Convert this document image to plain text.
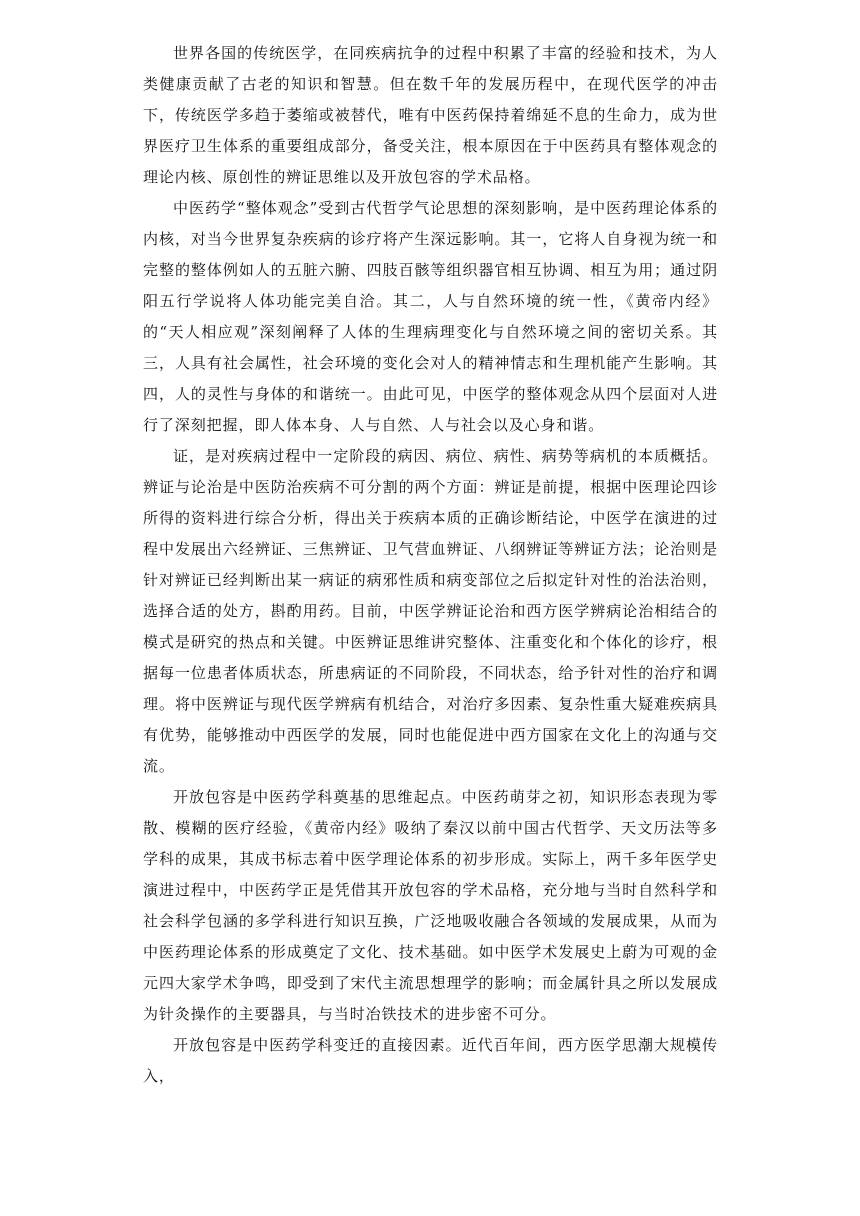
世界各国的传统医学，在同疾病抗争的过程中积累了丰富的经验和技术，为人类健康贡献了古老的知识和智慧。但在数千年的发展历程中，在现代医学的冲击下，传统医学多趋于萎缩或被替代，唯有中医药保持着绵延不息的生命力，成为世界医疗卫生体系的重要组成部分，备受关注，根本原因在于中医药具有整体观念的理论内核、原创性的辨证思维以及开放包容的学术品格。

中医药学“整体观念”受到古代哲学气论思想的深刻影响，是中医药理论体系的内核，对当今世界复杂疾病的诊疗将产生深远影响。其一，它将人自身视为统一和完整的整体例如人的五脏六腑、四肢百骸等组织器官相互协调、相互为用；通过阴阳五行学说将人体功能完美自洽。其二，人与自然环境的统一性，《黄帝内经》的“天人相应观”深刻阐释了人体的生理病理变化与自然环境之间的密切关系。其三，人具有社会属性，社会环境的变化会对人的精神情志和生理机能产生影响。其四，人的灵性与身体的和谐统一。由此可见，中医学的整体观念从四个层面对人进行了深刻把握，即人体本身、人与自然、人与社会以及心身和谐。

证，是对疾病过程中一定阶段的病因、病位、病性、病势等病机的本质概括。辨证与论治是中医防治疾病不可分割的两个方面：辨证是前提，根据中医理论四诊所得的资料进行综合分析，得出关于疾病本质的正确诊断结论，中医学在演进的过程中发展出六经辨证、三焦辨证、卫气营血辨证、八纲辨证等辨证方法；论治则是针对辨证已经判断出某一病证的病邪性质和病变部位之后拟定针对性的治法治则，选择合适的处方，斟酌用药。目前，中医学辨证论治和西方医学辨病论治相结合的模式是研究的热点和关键。中医辨证思维讲究整体、注重变化和个体化的诊疗，根据每一位患者体质状态，所患病证的不同阶段，不同状态，给予针对性的治疗和调理。将中医辨证与现代医学辨病有机结合，对治疗多因素、复杂性重大疑难疾病具有优势，能够推动中西医学的发展，同时也能促进中西方国家在文化上的沟通与交流。

开放包容是中医药学科奠基的思维起点。中医药萌芽之初，知识形态表现为零散、模糊的医疗经验，《黄帝内经》吸纳了秦汉以前中国古代哲学、天文历法等多学科的成果，其成书标志着中医学理论体系的初步形成。实际上，两千多年医学史演进过程中，中医药学正是凭借其开放包容的学术品格，充分地与当时自然科学和社会科学包涵的多学科进行知识互换，广泛地吸收融合各领域的发展成果，从而为中医药理论体系的形成奠定了文化、技术基础。如中医学术发展史上蔚为可观的金元四大家学术争鸣，即受到了宋代主流思想理学的影响；而金属针具之所以发展成为针灸操作的主要器具，与当时冶铁技术的进步密不可分。

开放包容是中医药学科变迁的直接因素。近代百年间，西方医学思潮大规模传入，
